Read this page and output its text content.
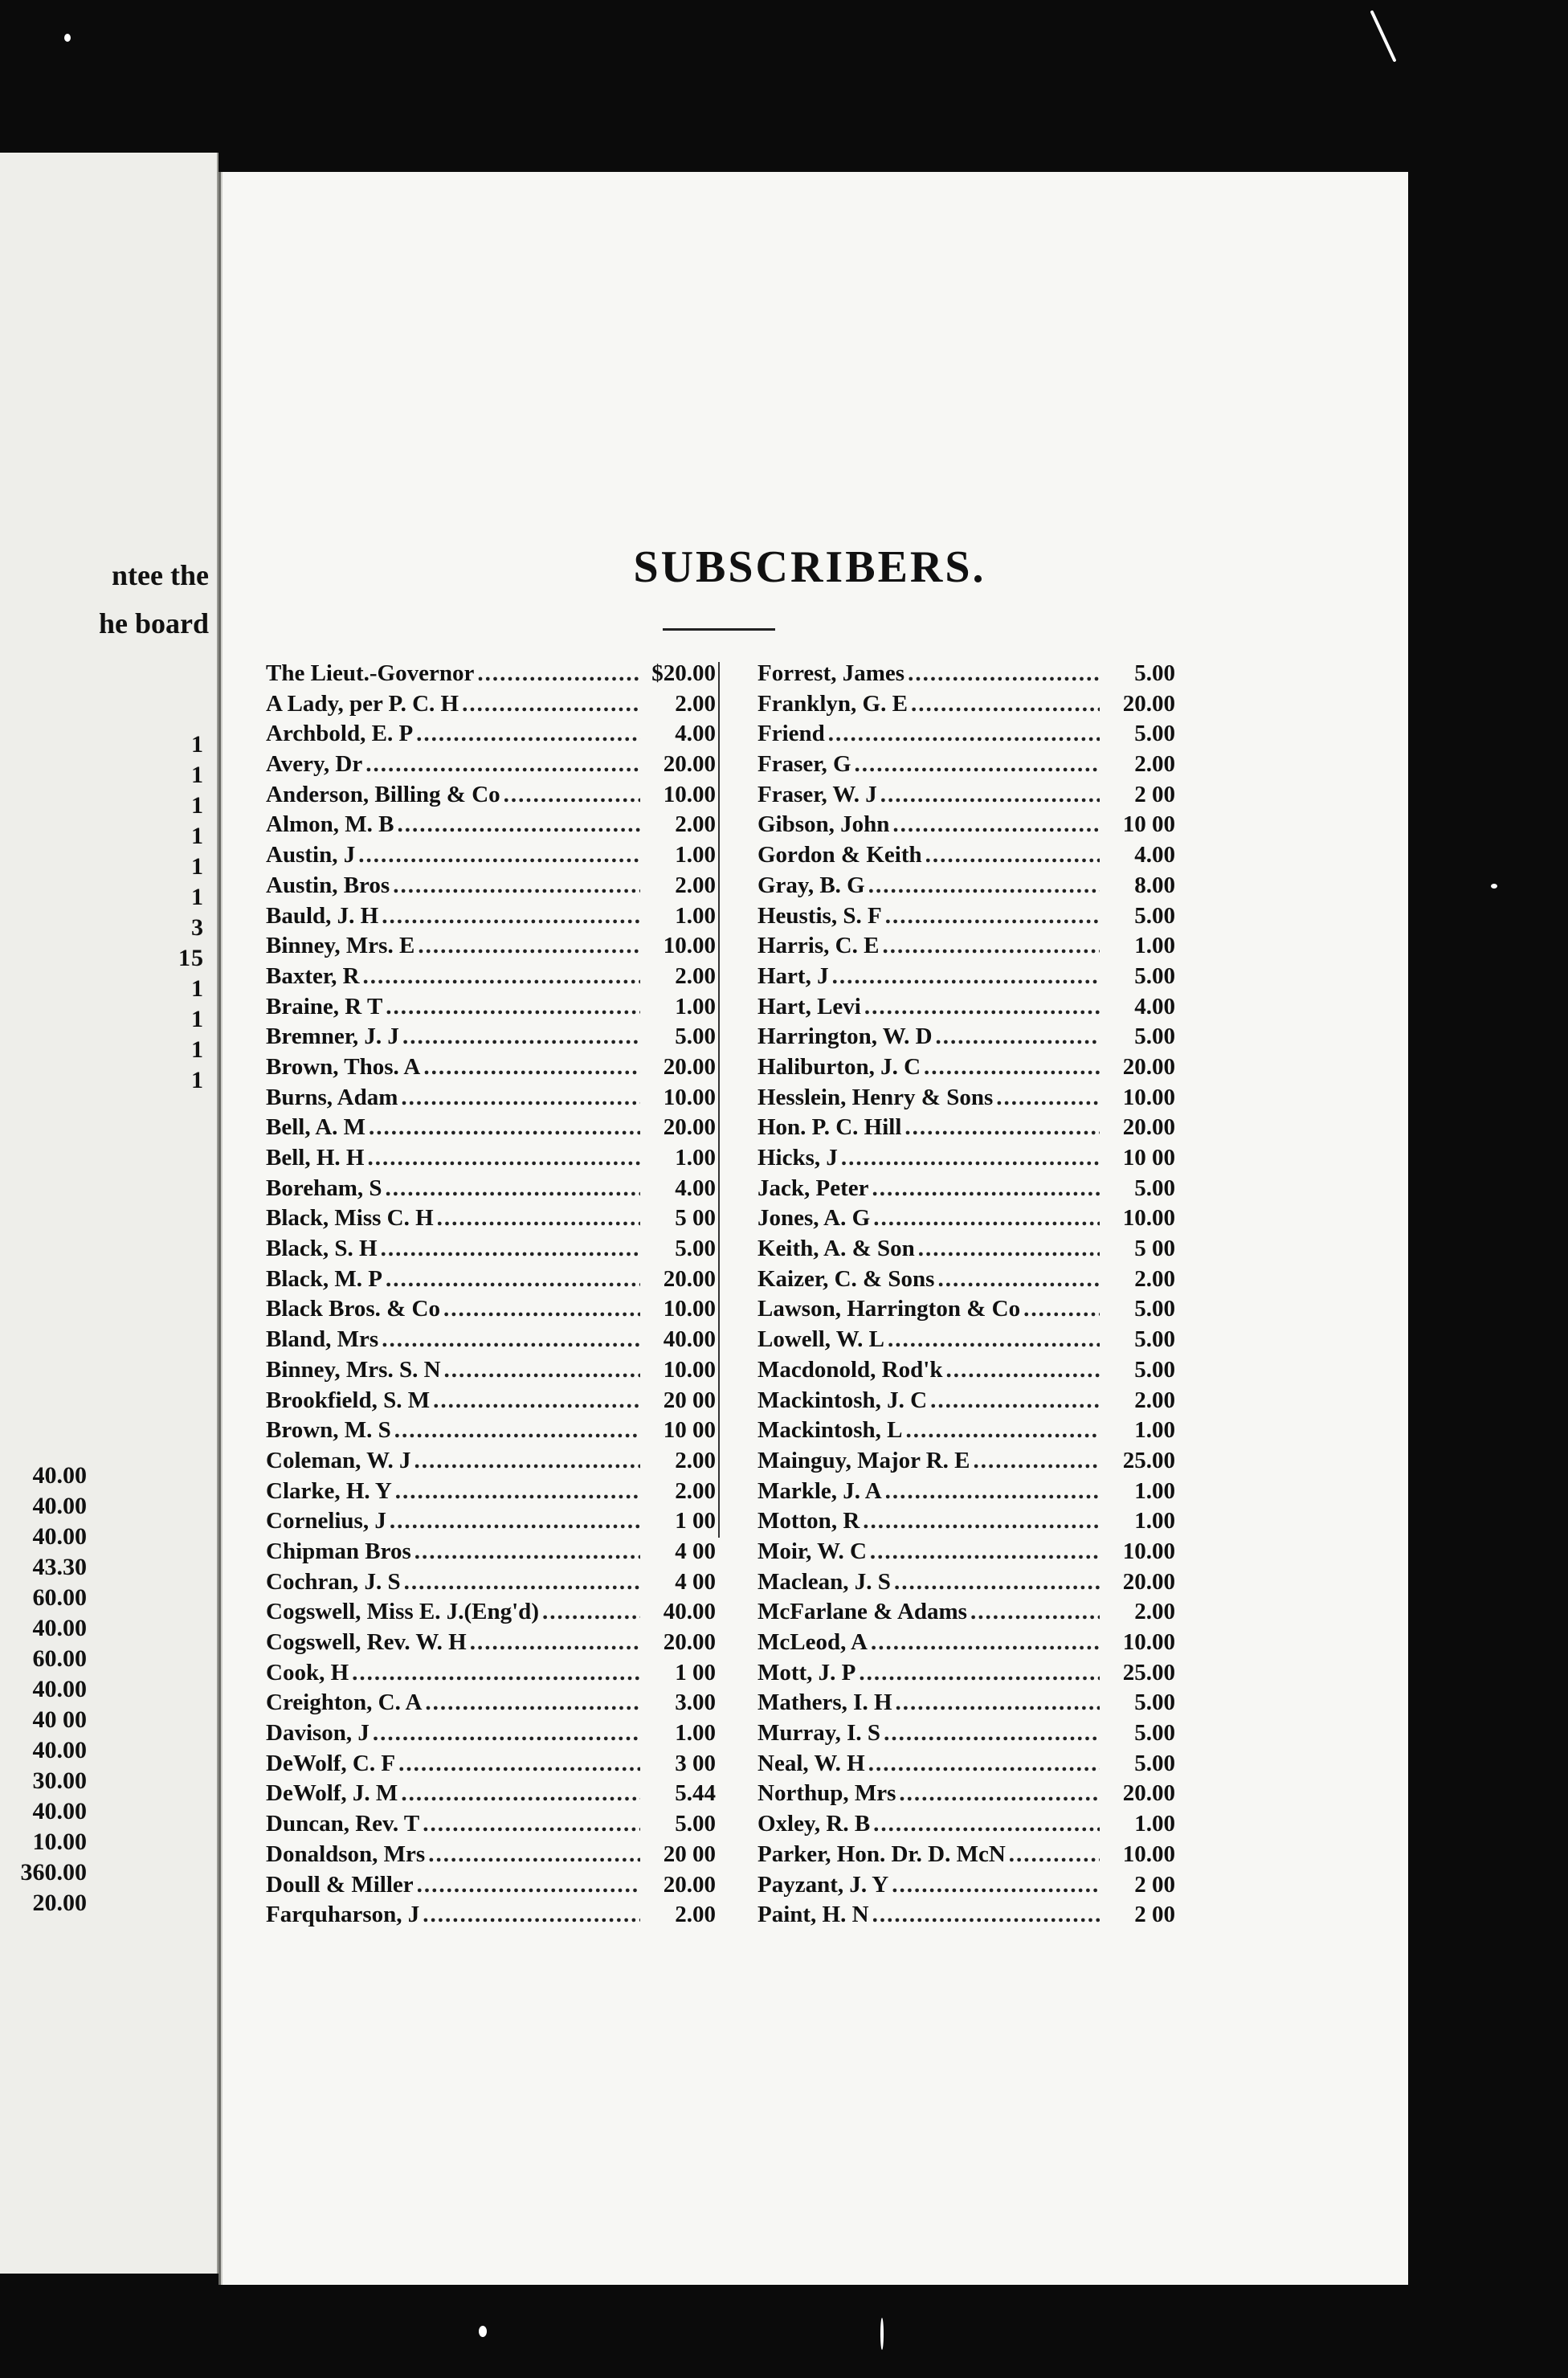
ntee the
he board
1
1
1
1
1
1
3
15
1
1
1
1
40.00
40.00
40.00
43.30
60.00
40.00
60.00
40.00
40 00
40.00
30.00
40.00
10.00
360.00
20.00
SUBSCRIBERS.
The Lieut.-Governor .....	$20.00
A Lady, per P. C. H .....	2.00
Archbold, E. P .....	4.00
Avery, Dr .....	20.00
Anderson, Billing & Co .....	10.00
Almon, M. B .....	2.00
Austin, J .....	1.00
Austin, Bros .....	2.00
Bauld, J. H .....	1.00
Binney, Mrs. E .....	10.00
Baxter, R .....	2.00
Braine, R T .....	1.00
Bremner, J. J .....	5.00
Brown, Thos. A .....	20.00
Burns, Adam .....	10.00
Bell, A. M .....	20.00
Bell, H. H .....	1.00
Boreham, S .....	4.00
Black, Miss C. H .....	5 00
Black, S. H .....	5.00
Black, M. P .....	20.00
Black Bros. & Co .....	10.00
Bland, Mrs .....	40.00
Binney, Mrs. S. N .....	10.00
Brookfield, S. M .....	20 00
Brown, M. S .....	10 00
Coleman, W. J .....	2.00
Clarke, H. Y .....	2.00
Cornelius, J .....	1 00
Chipman Bros .....	4 00
Cochran, J. S .....	4 00
Cogswell, Miss E. J.(Eng'd) .....	40.00
Cogswell, Rev. W. H .....	20.00
Cook, H .....	1 00
Creighton, C. A .....	3.00
Davison, J .....	1.00
DeWolf, C. F .....	3 00
DeWolf, J. M .....	5.44
Duncan, Rev. T .....	5.00
Donaldson, Mrs .....	20 00
Doull & Miller .....	20.00
Farquharson, J .....	2.00
Forrest, James .....	5.00
Franklyn, G. E .....	20.00
Friend .....	5.00
Fraser, G .....	2.00
Fraser, W. J .....	2 00
Gibson, John .....	10 00
Gordon & Keith .....	4.00
Gray, B. G .....	8.00
Heustis, S. F .....	5.00
Harris, C. E .....	1.00
Hart, J .....	5.00
Hart, Levi .....	4.00
Harrington, W. D .....	5.00
Haliburton, J. C .....	20.00
Hesslein, Henry & Sons .....	10.00
Hon. P. C. Hill .....	20.00
Hicks, J .....	10 00
Jack, Peter .....	5.00
Jones, A. G .....	10.00
Keith, A. & Son .....	5 00
Kaizer, C. & Sons .....	2.00
Lawson, Harrington & Co .....	5.00
Lowell, W. L .....	5.00
Macdonold, Rod'k .....	5.00
Mackintosh, J. C .....	2.00
Mackintosh, L .....	1.00
Mainguy, Major R. E .....	25.00
Markle, J. A .....	1.00
Motton, R .....	1.00
Moir, W. C .....	10.00
Maclean, J. S .....	20.00
McFarlane & Adams .....	2.00
McLeod, A .....	10.00
Mott, J. P .....	25.00
Mathers, I. H .....	5.00
Murray, I. S .....	5.00
Neal, W. H .....	5.00
Northup, Mrs .....	20.00
Oxley, R. B .....	1.00
Parker, Hon. Dr. D. McN .....	10.00
Payzant, J. Y .....	2 00
Paint, H. N .....	2 00
